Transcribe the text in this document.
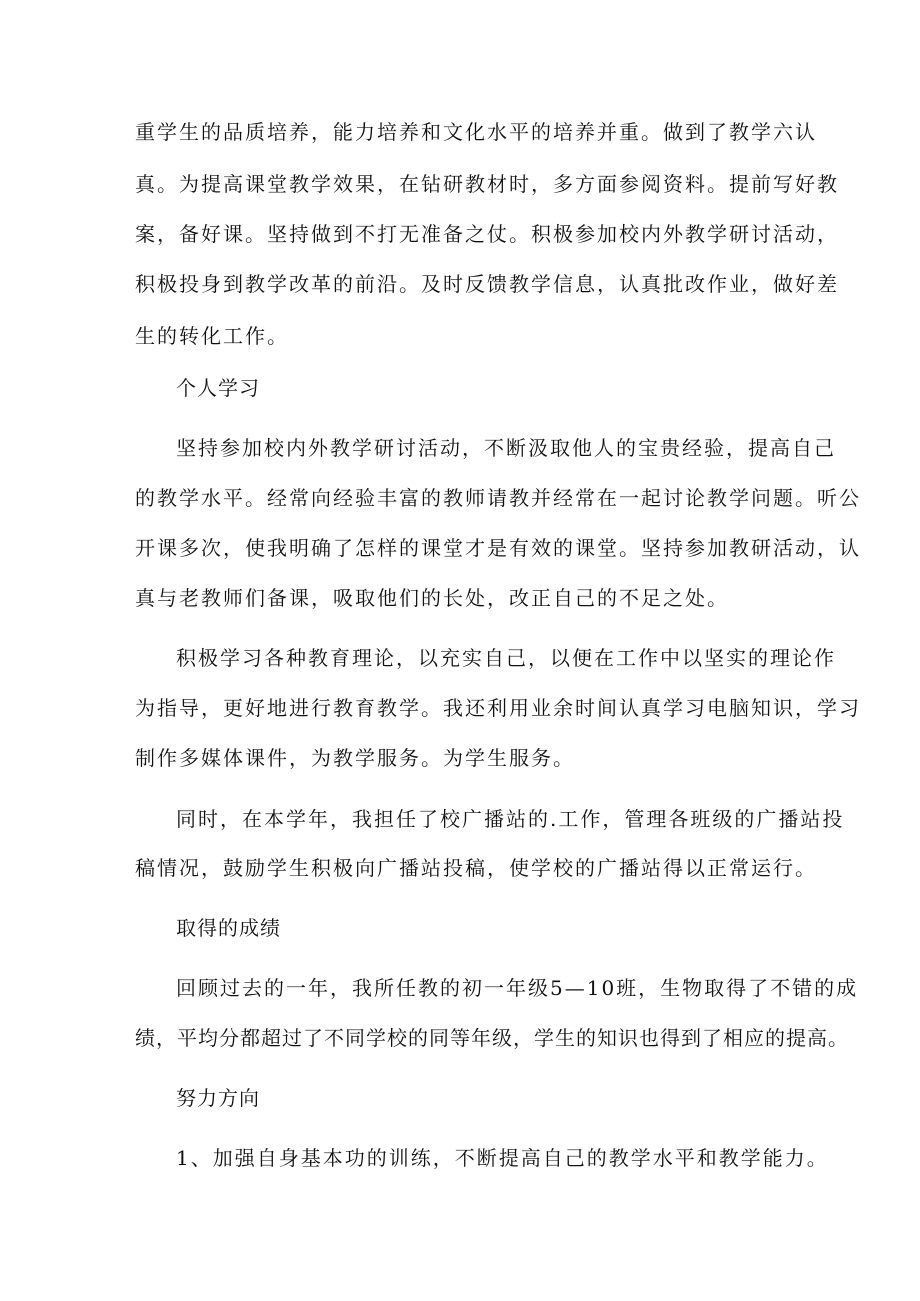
重学生的品质培养，能力培养和文化水平的培养并重。做到了教学六认
真。为提高课堂教学效果，在钻研教材时，多方面参阅资料。提前写好教
案，备好课。坚持做到不打无准备之仗。积极参加校内外教学研讨活动，
积极投身到教学改革的前沿。及时反馈教学信息，认真批改作业，做好差
生的转化工作。
个人学习
坚持参加校内外教学研讨活动，不断汲取他人的宝贵经验，提高自己
的教学水平。经常向经验丰富的教师请教并经常在一起讨论教学问题。听公
开课多次，使我明确了怎样的课堂才是有效的课堂。坚持参加教研活动，认
真与老教师们备课，吸取他们的长处，改正自己的不足之处。
积极学习各种教育理论，以充实自己，以便在工作中以坚实的理论作
为指导，更好地进行教育教学。我还利用业余时间认真学习电脑知识，学习
制作多媒体课件，为教学服务。为学生服务。
同时，在本学年，我担任了校广播站的.工作，管理各班级的广播站投
稿情况，鼓励学生积极向广播站投稿，使学校的广播站得以正常运行。
取得的成绩
回顾过去的一年，我所任教的初一年级5—10班，生物取得了不错的成
绩，平均分都超过了不同学校的同等年级，学生的知识也得到了相应的提高。
努力方向
1、加强自身基本功的训练，不断提高自己的教学水平和教学能力。
